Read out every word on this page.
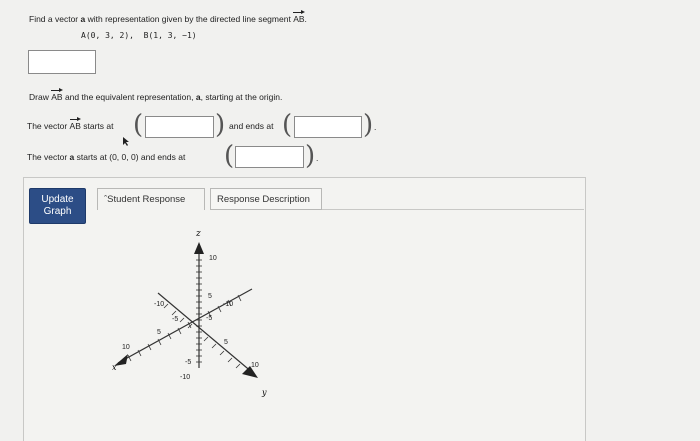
Find a vector a with representation given by the directed line segment AB.
A(0, 3, 2), B(1, 3, −1)
Draw AB and the equivalent representation, a, starting at the origin.
The vector AB starts at (	) and ends at (	) .
The vector a starts at (0, 0, 0) and ends at (	) .
Update
Graph
ˆStudent Response	Response Description
z
x
y
10
5
-5
-10
10
5
-5
-10
10
5
-5
-10
